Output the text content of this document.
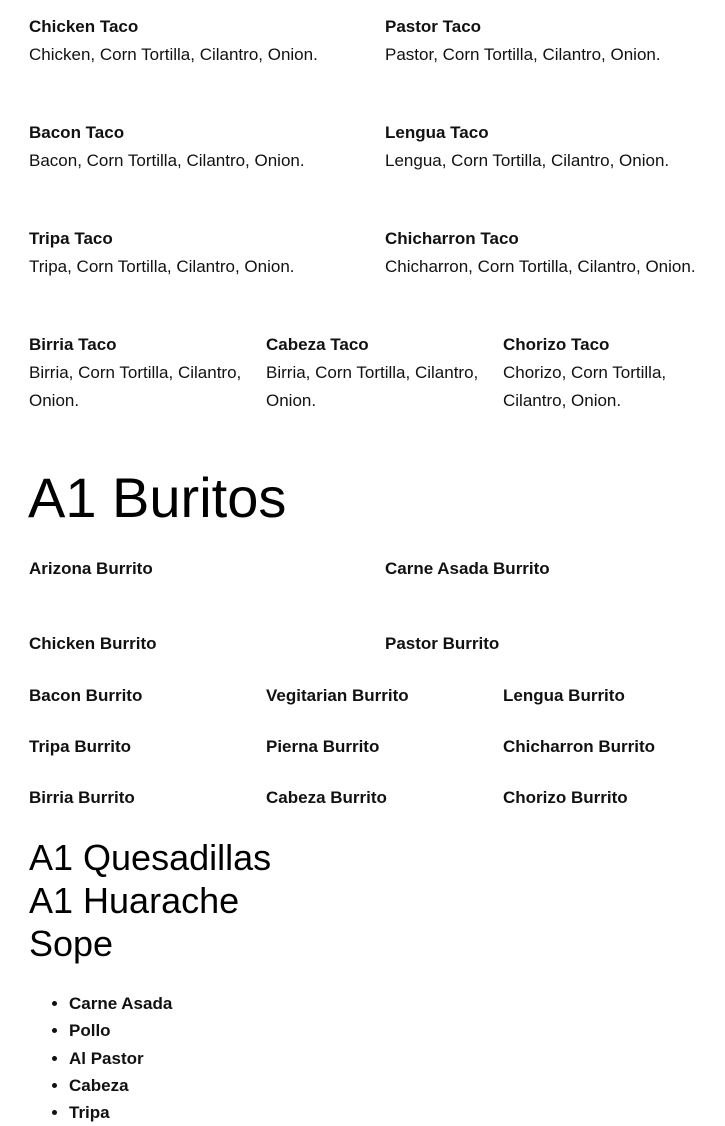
Chicken Taco
Chicken, Corn Tortilla, Cilantro, Onion.
Pastor Taco
Pastor, Corn Tortilla, Cilantro, Onion.
Bacon Taco
Bacon, Corn Tortilla, Cilantro, Onion.
Lengua Taco
Lengua, Corn Tortilla, Cilantro, Onion.
Tripa Taco
Tripa, Corn Tortilla, Cilantro, Onion.
Chicharron Taco
Chicharron, Corn Tortilla, Cilantro, Onion.
Birria Taco
Birria, Corn Tortilla, Cilantro, Onion.
Cabeza Taco
Birria, Corn Tortilla, Cilantro, Onion.
Chorizo Taco
Chorizo, Corn Tortilla, Cilantro, Onion.
A1 Buritos
Arizona Burrito	Carne Asada Burrito
Chicken Burrito	Pastor Burrito
Bacon Burrito	Vegitarian Burrito	Lengua Burrito
Tripa Burrito	Pierna Burrito	Chicharron Burrito
Birria Burrito	Cabeza Burrito	Chorizo Burrito
A1 Quesadillas
A1 Huarache
Sope
• Carne Asada
• Pollo
• Al Pastor
• Cabeza
• Tripa
